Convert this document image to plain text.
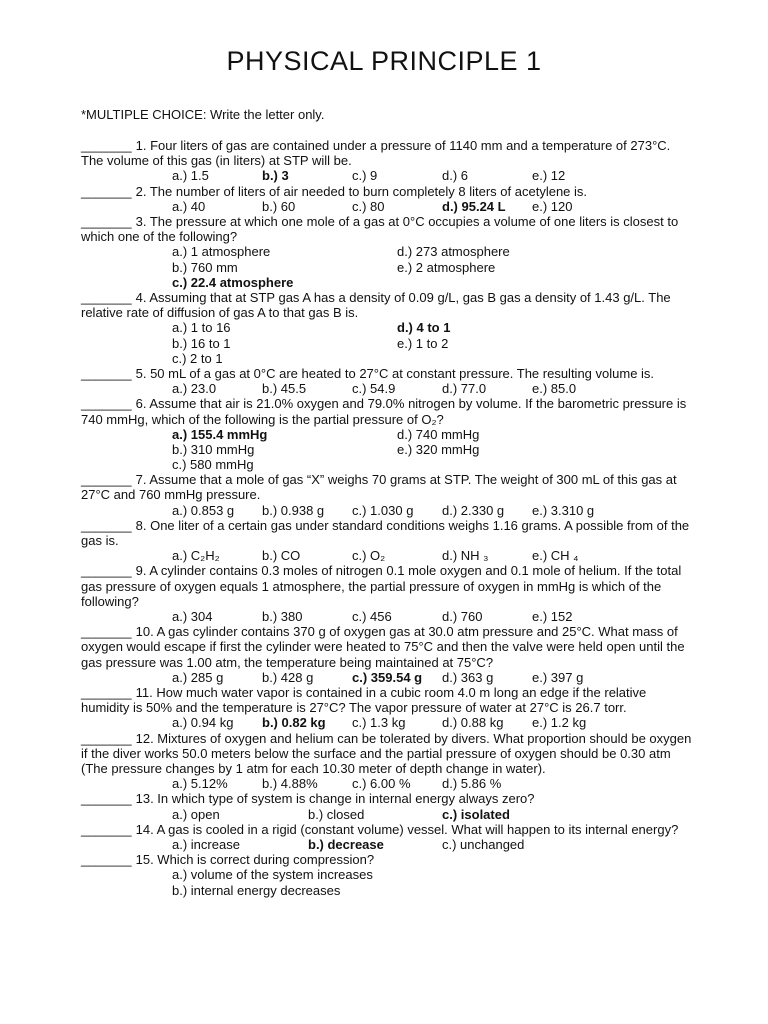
PHYSICAL PRINCIPLE 1
*MULTIPLE CHOICE: Write the letter only.
_______ 1. Four liters of gas are contained under a pressure of 1140 mm and a temperature of 273°C. The volume of this gas (in liters) at STP will be.
a.) 1.5	b.) 3	c.) 9	d.) 6	e.) 12
_______ 2. The number of liters of air needed to burn completely 8 liters of acetylene is.
a.) 40	b.) 60	c.) 80	d.) 95.24 L e.) 120
_______ 3. The pressure at which one mole of a gas at 0°C occupies a volume of one liters is closest to which one of the following?
a.) 1 atmosphere	d.) 273 atmosphere
b.) 760 mm	e.) 2 atmosphere
c.) 22.4 atmosphere
_______ 4. Assuming that at STP gas A has a density of 0.09 g/L, gas B gas a density of 1.43 g/L. The relative rate of diffusion of gas A to that gas B is.
a.) 1 to 16	d.) 4 to 1
b.) 16 to 1	e.) 1 to 2
c.) 2 to 1
_______ 5. 50 mL of a gas at 0°C are heated to 27°C at constant pressure. The resulting volume is.
a.) 23.0	b.) 45.5	c.) 54.9	d.) 77.0	e.) 85.0
_______ 6. Assume that air is 21.0% oxygen and 79.0% nitrogen by volume. If the barometric pressure is 740 mmHg, which of the following is the partial pressure of O₂?
a.) 155.4 mmHg	d.) 740 mmHg
b.) 310 mmHg	e.) 320 mmHg
c.) 580 mmHg
_______ 7. Assume that a mole of gas “X” weighs 70 grams at STP. The weight of 300 mL of this gas at 27°C and 760 mmHg pressure.
a.) 0.853 g b.) 0.938 g c.) 1.030 g d.) 2.330 g e.) 3.310 g
_______ 8. One liter of a certain gas under standard conditions weighs 1.16 grams. A possible from of the gas is.
a.) C₂H₂	b.) CO	c.) O₂	d.) NH ₃	e.) CH ₄
_______ 9. A cylinder contains 0.3 moles of nitrogen 0.1 mole oxygen and 0.1 mole of helium. If the total gas pressure of oxygen equals 1 atmosphere, the partial pressure of oxygen in mmHg is which of the following?
a.) 304	b.) 380	c.) 456	d.) 760	e.) 152
_______ 10. A gas cylinder contains 370 g of oxygen gas at 30.0 atm pressure and 25°C. What mass of oxygen would escape if first the cylinder were heated to 75°C and then the valve were held open until the gas pressure was 1.00 atm, the temperature being maintained at 75°C?
a.) 285 g	b.) 428 g	c.) 359.54 g d.) 363 g	e.) 397 g
_______ 11. How much water vapor is contained in a cubic room 4.0 m long an edge if the relative humidity is 50% and the temperature is 27°C? The vapor pressure of water at 27°C is 26.7 torr.
a.) 0.94 kg b.) 0.82 kg c.) 1.3 kg	d.) 0.88 kg e.) 1.2 kg
_______ 12. Mixtures of oxygen and helium can be tolerated by divers. What proportion should be oxygen if the diver works 50.0 meters below the surface and the partial pressure of oxygen should be 0.30 atm (The pressure changes by 1 atm for each 10.30 meter of depth change in water).
a.) 5.12%	b.) 4.88%	c.) 6.00 % d.) 5.86 %
_______ 13. In which type of system is change in internal energy always zero?
a.) open	b.) closed	c.) isolated
_______ 14. A gas is cooled in a rigid (constant volume) vessel. What will happen to its internal energy?
a.) increase	b.) decrease	c.) unchanged
_______ 15. Which is correct during compression?
a.) volume of the system increases
b.) internal energy decreases
